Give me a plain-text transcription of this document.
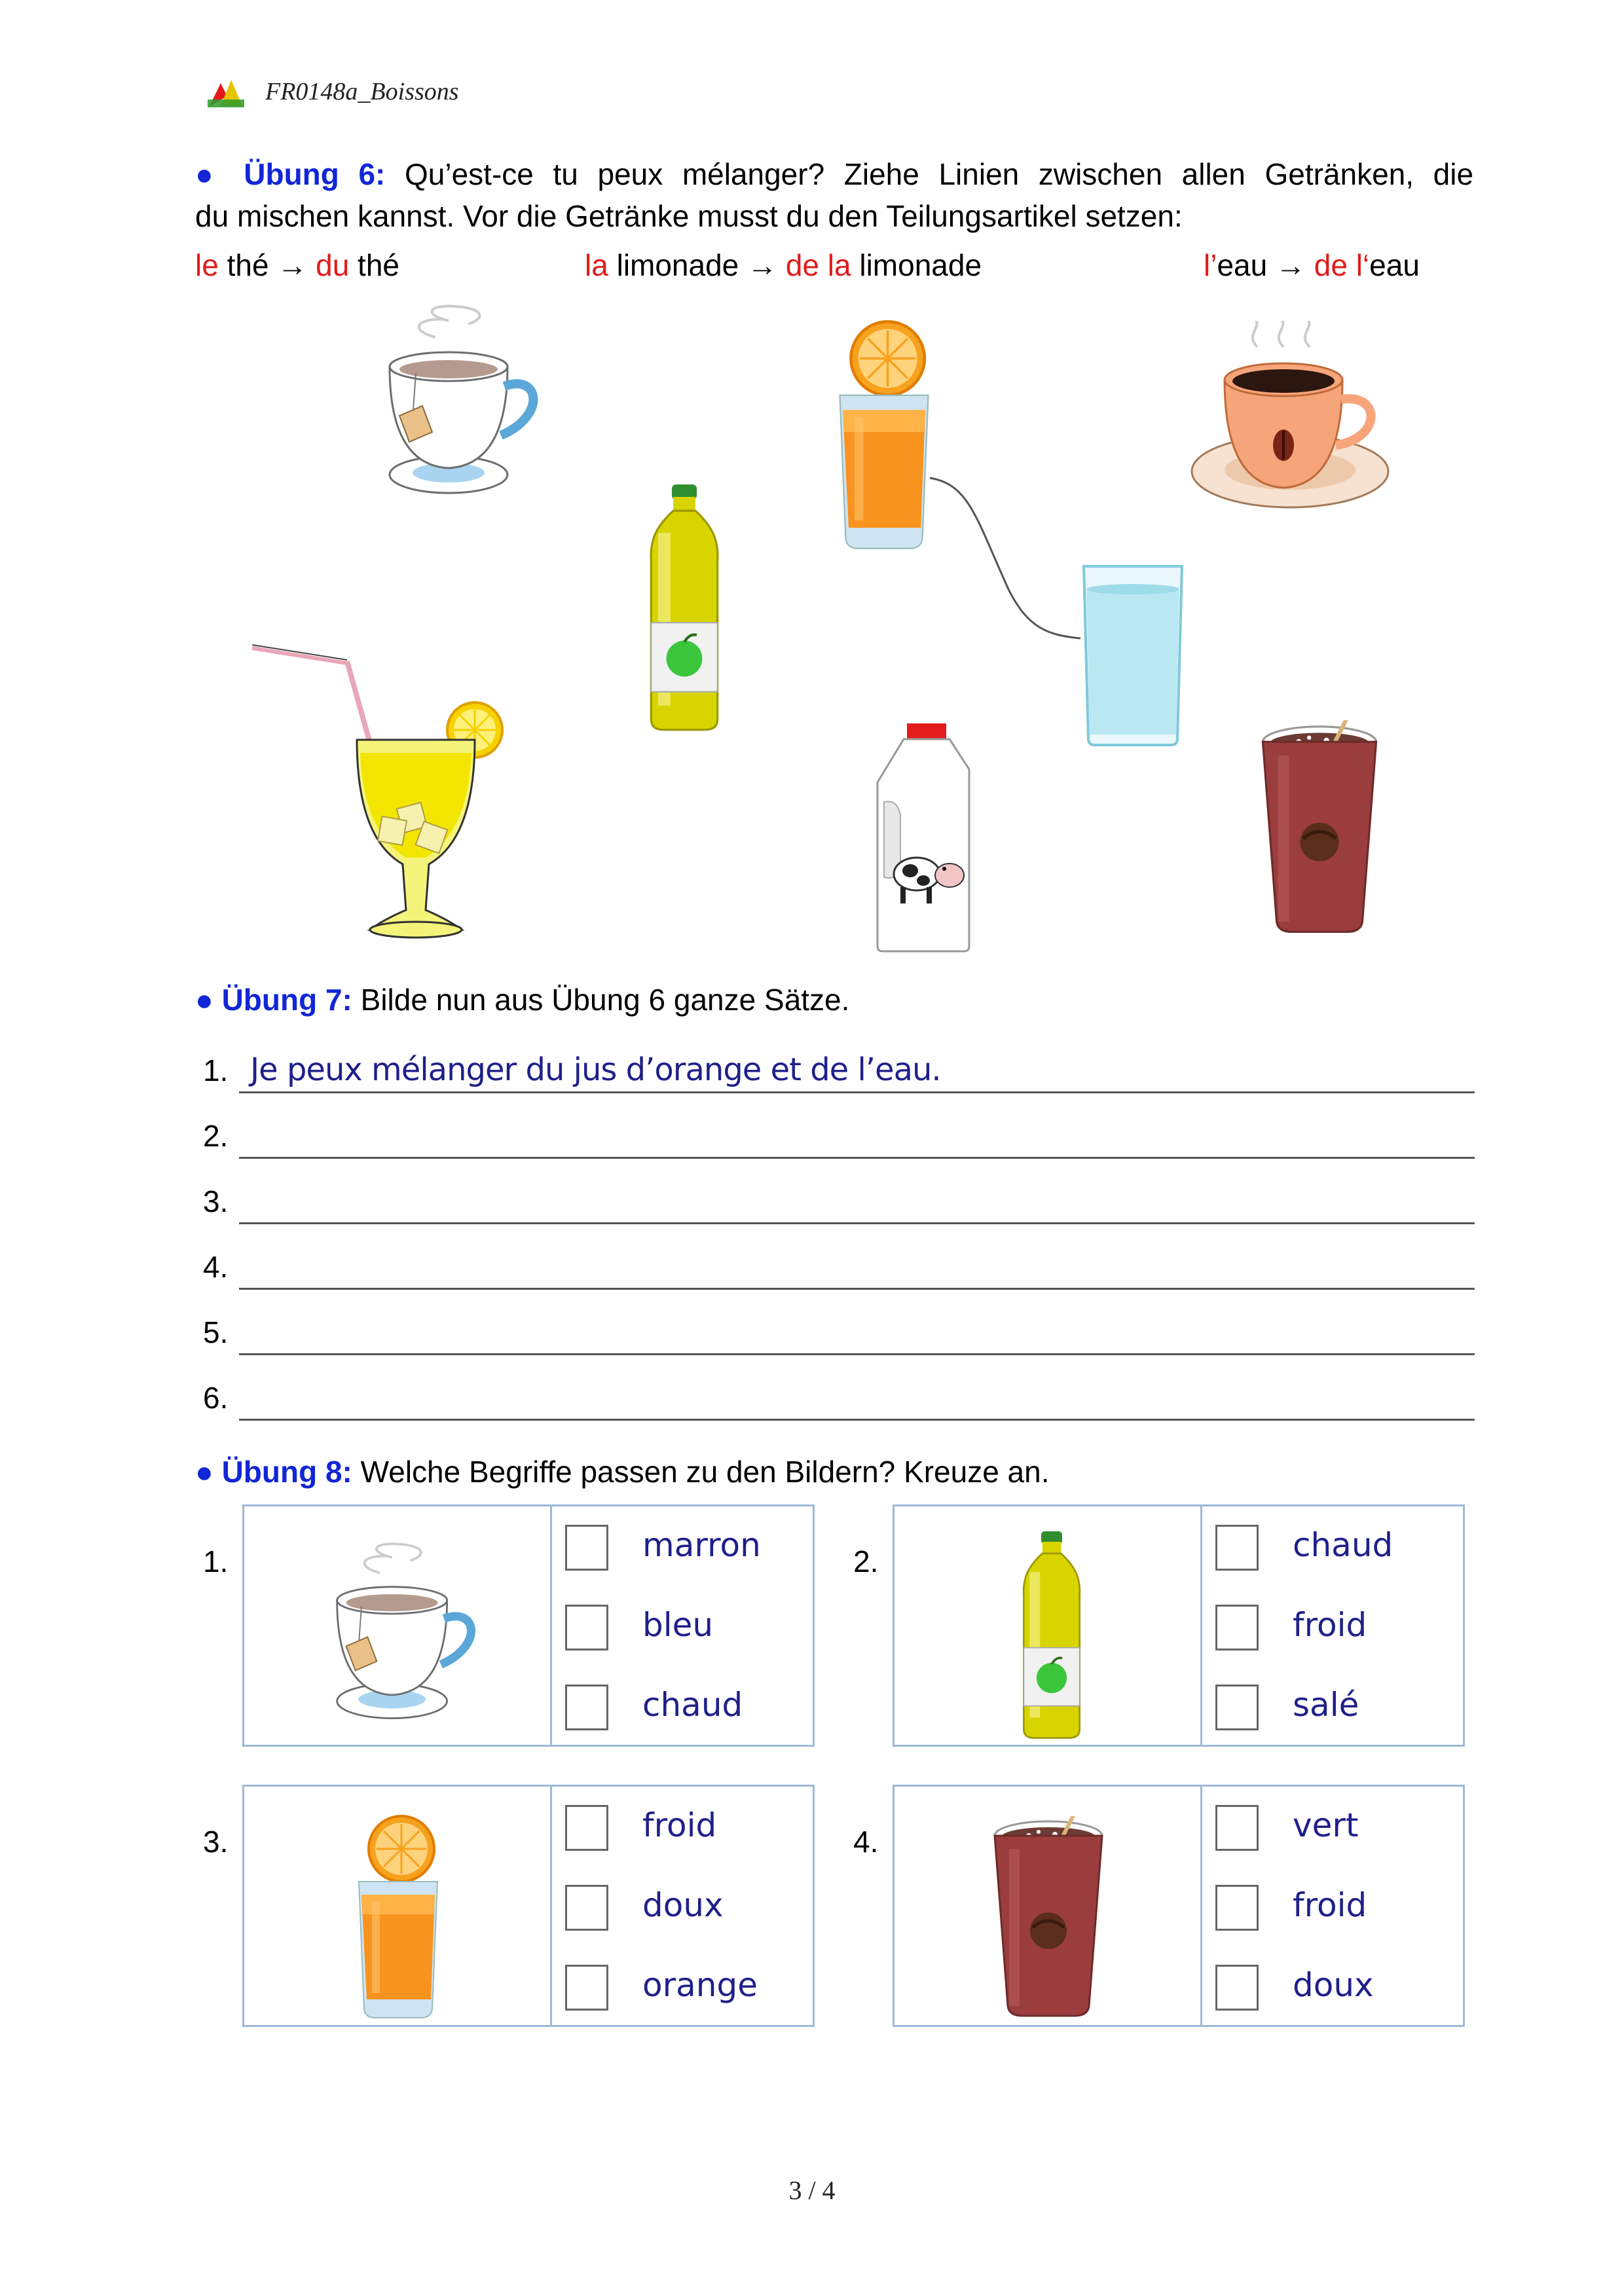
FR0148a_Boissons
● Übung 6: Qu’est-ce tu peux mélanger? Ziehe Linien zwischen allen Getränken, die
du mischen kannst. Vor die Getränke musst du den Teilungsartikel setzen:
le thé → du thé	la limonade → de la limonade	l’eau → de l‘eau
● Übung 7: Bilde nun aus Übung 6 ganze Sätze.
1. Je peux mélanger du jus d’orange et de l’eau.
2.
3.
4.
5.
6.
● Übung 8: Welche Begriffe passen zu den Bildern? Kreuze an.
1.	marron
bleu
chaud
2.	chaud
froid
salé
3.	froid
doux
orange
4.	vert
froid
doux
3 / 4
